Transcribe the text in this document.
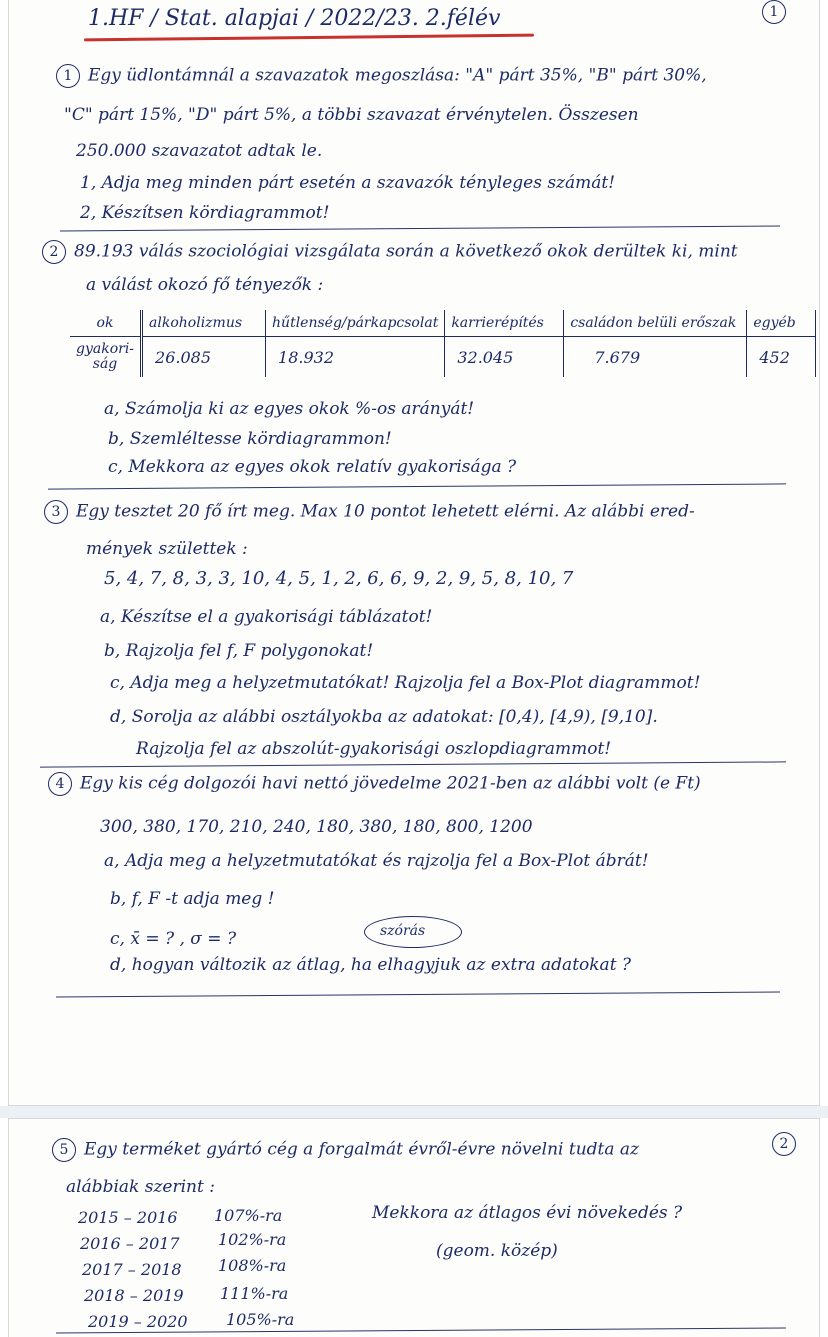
1.HF / Stat. alapjai / 2022/23. 2.félév	1
1 Egy üdlontámnál a szavazatok megoszlása: "A" párt 35%, "B" párt 30%,
"C" párt 15%, "D" párt 5%, a többi szavazat érvénytelen. Összesen
250.000 szavazatot adtak le.
1, Adja meg minden párt esetén a szavazók tényleges számát!
2, Készítsen kördiagrammot!
2 89.193 válás szociológiai vizsgálata során a következő okok derültek ki, mint
a válást okozó fő tényezők :
ok	alkoholizmus	hűtlenség/párkapcsolat	karrierépítés	családon belüli erőszak	egyéb
gyakori-
ság	26.085	18.932	32.045	7.679	452
a, Számolja ki az egyes okok %-os arányát!
b, Szemléltesse kördiagrammon!
c, Mekkora az egyes okok relatív gyakorisága ?
3 Egy tesztet 20 fő írt meg. Max 10 pontot lehetett elérni. Az alábbi ered-
mények születtek :
5, 4, 7, 8, 3, 3, 10, 4, 5, 1, 2, 6, 6, 9, 2, 9, 5, 8, 10, 7
a, Készítse el a gyakorisági táblázatot!
b, Rajzolja fel f, F polygonokat!
c, Adja meg a helyzetmutatókat! Rajzolja fel a Box-Plot diagrammot!
d, Sorolja az alábbi osztályokba az adatokat: [0,4), [4,9), [9,10].
Rajzolja fel az abszolút-gyakorisági oszlopdiagrammot!
4 Egy kis cég dolgozói havi nettó jövedelme 2021-ben az alábbi volt (e Ft)
300, 380, 170, 210, 240, 180, 380, 180, 800, 1200
a, Adja meg a helyzetmutatókat és rajzolja fel a Box-Plot ábrát!
b, f, F -t adja meg !
c, x̄ = ? , σ = ?	szórás
d, hogyan változik az átlag, ha elhagyjuk az extra adatokat ?
5 Egy terméket gyártó cég a forgalmát évről-évre növelni tudta az	2
alábbiak szerint :
2015 – 2016 107%-ra
2016 – 2017 102%-ra
2017 – 2018 108%-ra
2018 – 2019 111%-ra
2019 – 2020 105%-ra
Mekkora az átlagos évi növekedés ?
(geom. közép)
